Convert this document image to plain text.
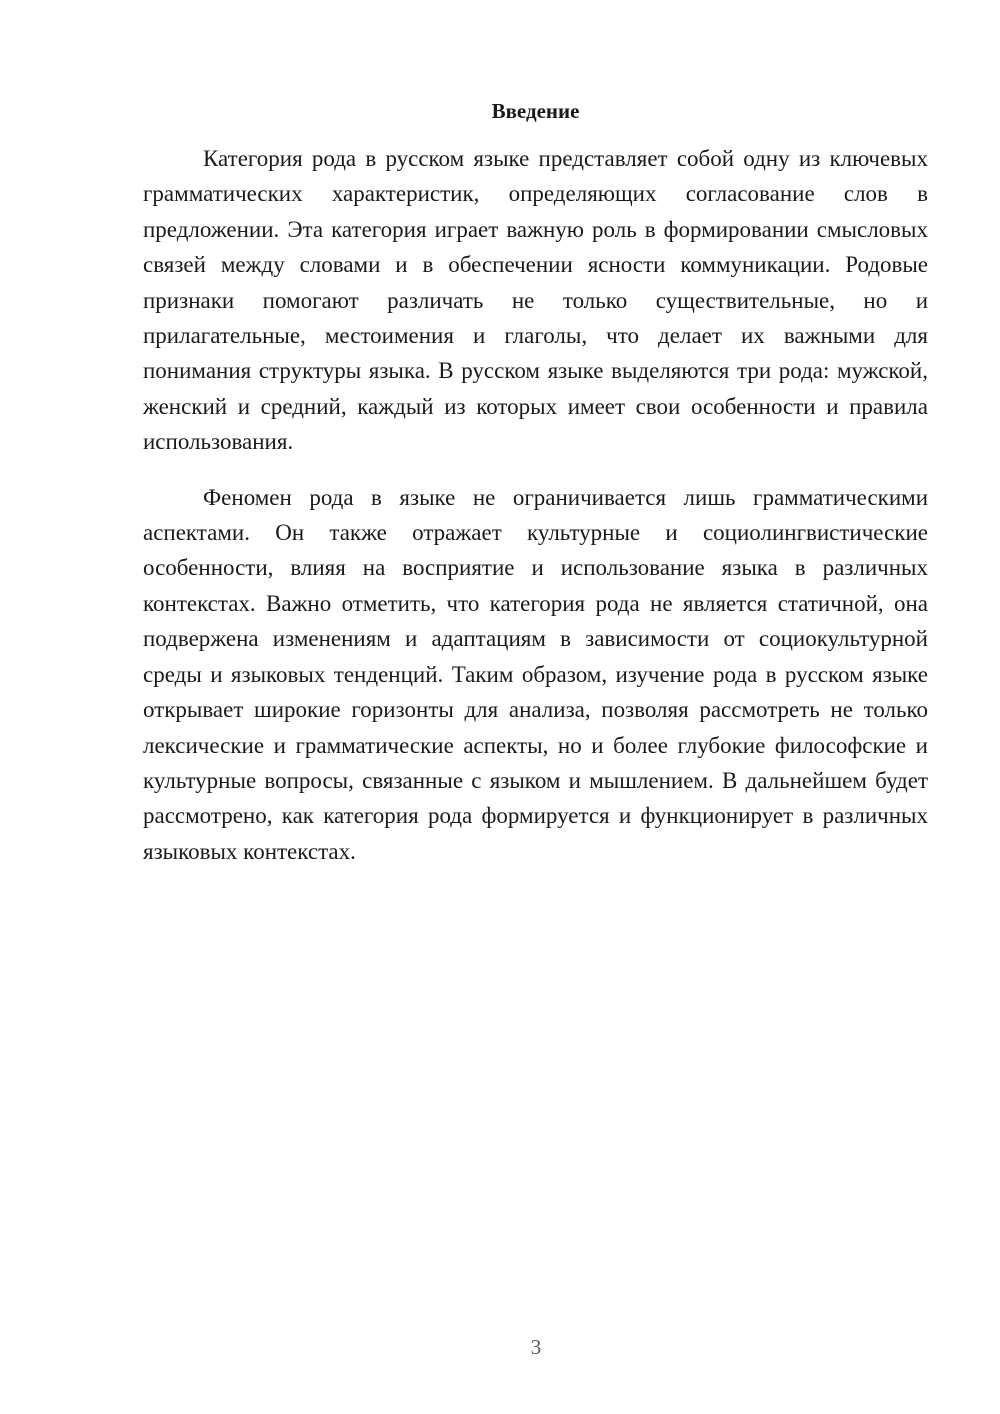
Введение

Категория рода в русском языке представляет собой одну из ключевых грамматических характеристик, определяющих согласование слов в предложении. Эта категория играет важную роль в формировании смысловых связей между словами и в обеспечении ясности коммуникации. Родовые признаки помогают различать не только существительные, но и прилагательные, местоимения и глаголы, что делает их важными для понимания структуры языка. В русском языке выделяются три рода: мужской, женский и средний, каждый из которых имеет свои особенности и правила использования.

Феномен рода в языке не ограничивается лишь грамматическими аспектами. Он также отражает культурные и социолингвистические особенности, влияя на восприятие и использование языка в различных контекстах. Важно отметить, что категория рода не является статичной, она подвержена изменениям и адаптациям в зависимости от социокультурной среды и языковых тенденций. Таким образом, изучение рода в русском языке открывает широкие горизонты для анализа, позволяя рассмотреть не только лексические и грамматические аспекты, но и более глубокие философские и культурные вопросы, связанные с языком и мышлением. В дальнейшем будет рассмотрено, как категория рода формируется и функционирует в различных языковых контекстах.

3
